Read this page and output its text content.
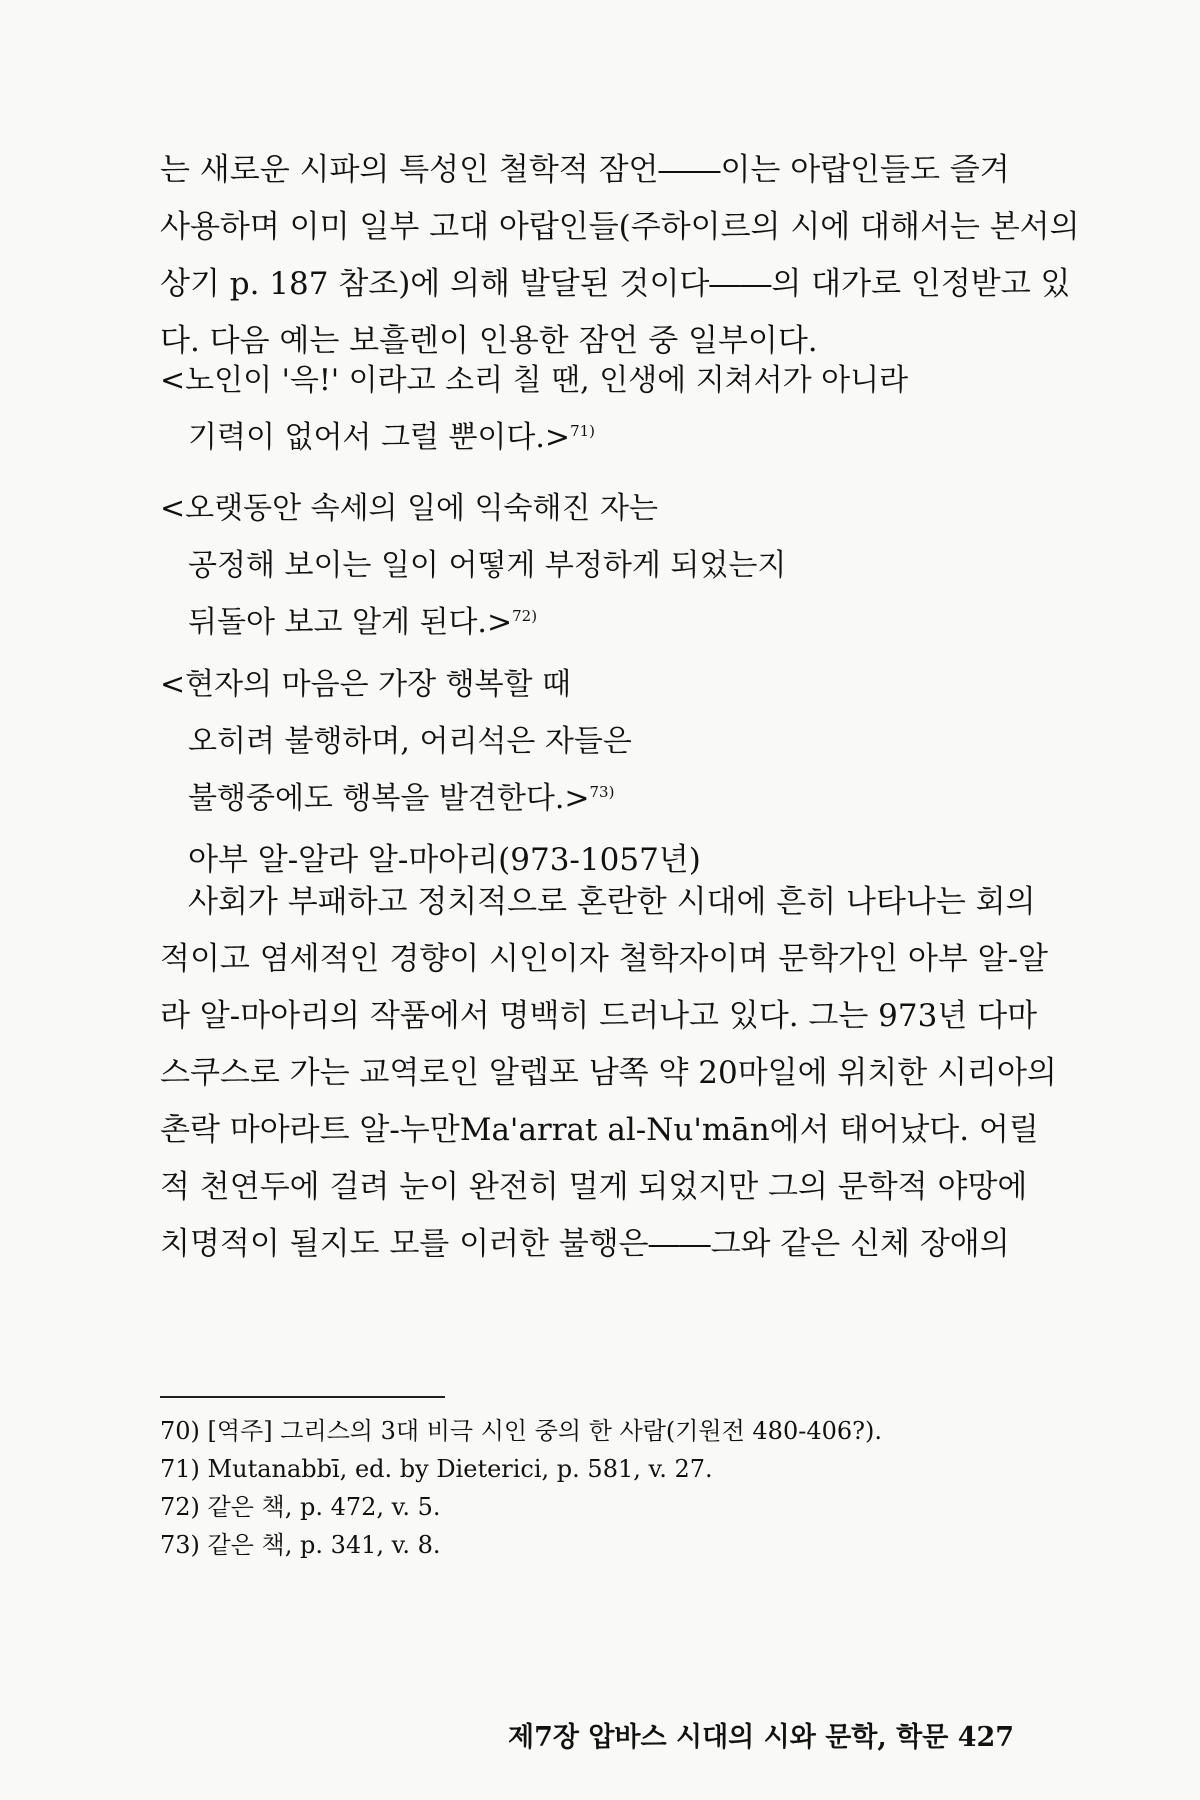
는 새로운 시파의 특성인 철학적 잠언――이는 아랍인들도 즐겨
사용하며 이미 일부 고대 아랍인들(주하이르의 시에 대해서는 본서의
상기 p. 187 참조)에 의해 발달된 것이다――의 대가로 인정받고 있
다. 다음 예는 보흘렌이 인용한 잠언 중 일부이다.

<노인이 '윽!' 이라고 소리 칠 땐, 인생에 지쳐서가 아니라
기력이 없어서 그럴 뿐이다.>$^{71)}$
<오랫동안 속세의 일에 익숙해진 자는
공정해 보이는 일이 어떻게 부정하게 되었는지
뒤돌아 보고 알게 된다.>$^{72)}$
<현자의 마음은 가장 행복할 때
오히려 불행하며, 어리석은 자들은
불행중에도 행복을 발견한다.>$^{73)}$
아부 알-알라 알-마아리(973-1057년)

사회가 부패하고 정치적으로 혼란한 시대에 흔히 나타나는 회의
적이고 염세적인 경향이 시인이자 철학자이며 문학가인 아부 알-알
라 알-마아리의 작품에서 명백히 드러나고 있다. 그는 973년 다마
스쿠스로 가는 교역로인 알렙포 남쪽 약 20마일에 위치한 시리아의
촌락 마아라트 알-누만Ma'arrat al-Nu'mān에서 태어났다. 어릴
적 천연두에 걸려 눈이 완전히 멀게 되었지만 그의 문학적 야망에
치명적이 될지도 모를 이러한 불행은――그와 같은 신체 장애의

70) [역주] 그리스의 3대 비극 시인 중의 한 사람(기원전 480-406?).
71) Mutanabbī, ed. by Dieterici, p. 581, v. 27.
72) 같은 책, p. 472, v. 5.
73) 같은 책, p. 341, v. 8.
제7장 압바스 시대의 시와 문학, 학문 427
